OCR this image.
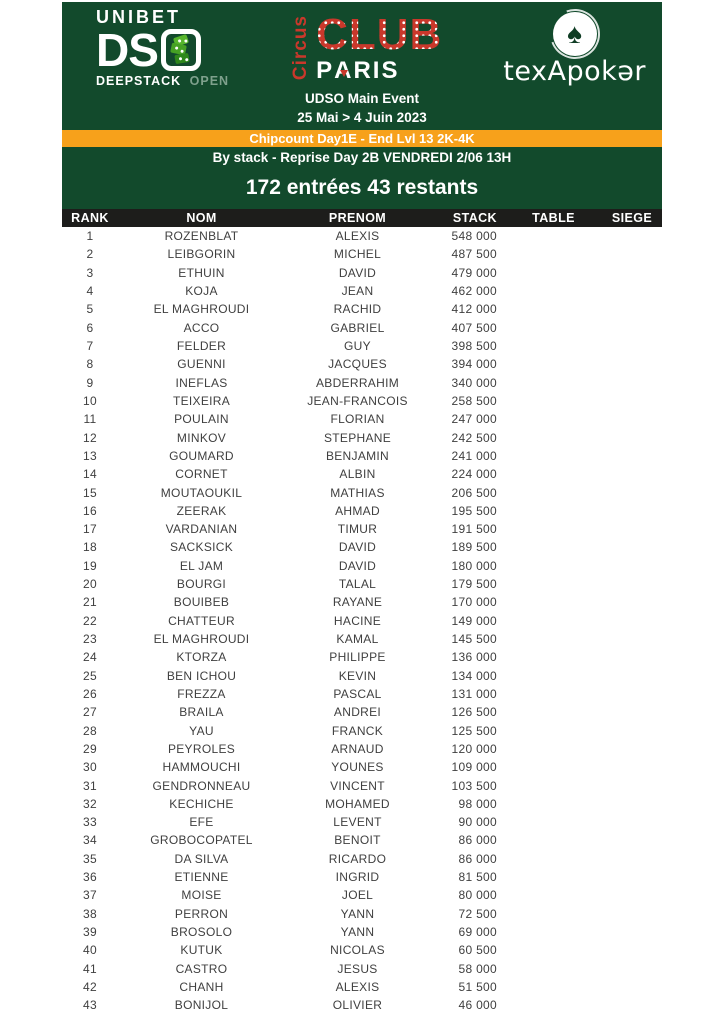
UNIBET
DS
DEEPSTACK OPEN
Circus CLUB
PARIS
♠
texApokər
UDSO Main Event
25 Mai > 4 Juin 2023
Chipcount Day1E - End Lvl 13 2K-4K
By stack - Reprise Day 2B VENDREDI 2/06 13H
172 entrées 43 restants
RANK	NOM	PRENOM	STACK	TABLE	SIEGE
1	ROZENBLAT	ALEXIS	548 000
2	LEIBGORIN	MICHEL	487 500
3	ETHUIN	DAVID	479 000
4	KOJA	JEAN	462 000
5	EL MAGHROUDI	RACHID	412 000
6	ACCO	GABRIEL	407 500
7	FELDER	GUY	398 500
8	GUENNI	JACQUES	394 000
9	INEFLAS	ABDERRAHIM	340 000
10	TEIXEIRA	JEAN-FRANCOIS	258 500
11	POULAIN	FLORIAN	247 000
12	MINKOV	STEPHANE	242 500
13	GOUMARD	BENJAMIN	241 000
14	CORNET	ALBIN	224 000
15	MOUTAOUKIL	MATHIAS	206 500
16	ZEERAK	AHMAD	195 500
17	VARDANIAN	TIMUR	191 500
18	SACKSICK	DAVID	189 500
19	EL JAM	DAVID	180 000
20	BOURGI	TALAL	179 500
21	BOUIBEB	RAYANE	170 000
22	CHATTEUR	HACINE	149 000
23	EL MAGHROUDI	KAMAL	145 500
24	KTORZA	PHILIPPE	136 000
25	BEN ICHOU	KEVIN	134 000
26	FREZZA	PASCAL	131 000
27	BRAILA	ANDREI	126 500
28	YAU	FRANCK	125 500
29	PEYROLES	ARNAUD	120 000
30	HAMMOUCHI	YOUNES	109 000
31	GENDRONNEAU	VINCENT	103 500
32	KECHICHE	MOHAMED	98 000
33	EFE	LEVENT	90 000
34	GROBOCOPATEL	BENOIT	86 000
35	DA SILVA	RICARDO	86 000
36	ETIENNE	INGRID	81 500
37	MOISE	JOEL	80 000
38	PERRON	YANN	72 500
39	BROSOLO	YANN	69 000
40	KUTUK	NICOLAS	60 500
41	CASTRO	JESUS	58 000
42	CHANH	ALEXIS	51 500
43	BONIJOL	OLIVIER	46 000
